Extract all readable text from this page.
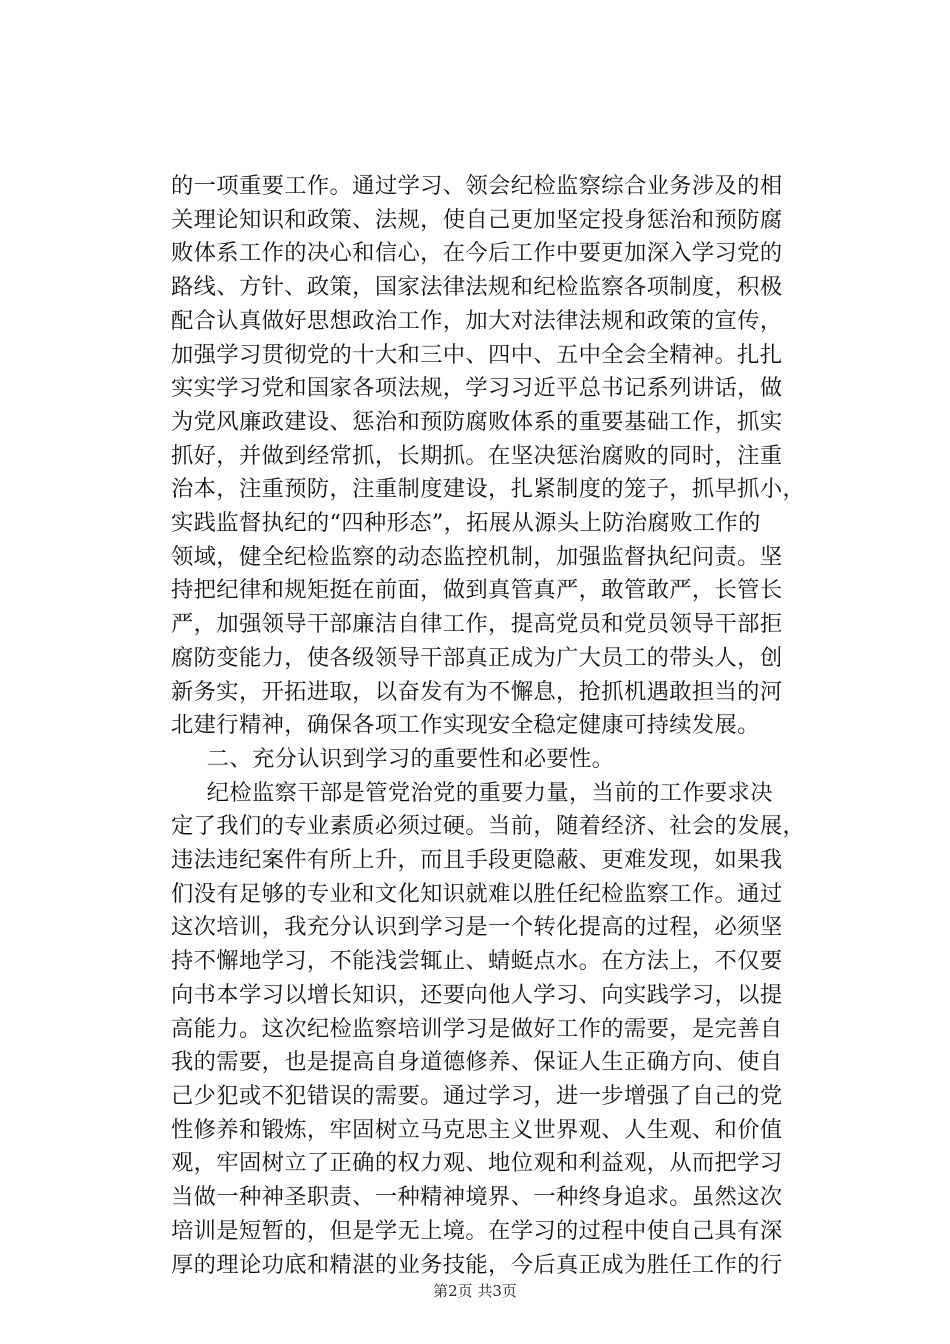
的一项重要工作。通过学习、领会纪检监察综合业务涉及的相
关理论知识和政策、法规，使自己更加坚定投身惩治和预防腐
败体系工作的决心和信心，在今后工作中要更加深入学习党的
路线、方针、政策，国家法律法规和纪检监察各项制度，积极
配合认真做好思想政治工作，加大对法律法规和政策的宣传，
加强学习贯彻党的十大和三中、四中、五中全会全精神。扎扎
实实学习党和国家各项法规，学习习近平总书记系列讲话，做
为党风廉政建设、惩治和预防腐败体系的重要基础工作，抓实
抓好，并做到经常抓，长期抓。在坚决惩治腐败的同时，注重
治本，注重预防，注重制度建设，扎紧制度的笼子，抓早抓小，
实践监督执纪的“四种形态”，拓展从源头上防治腐败工作的
领域，健全纪检监察的动态监控机制，加强监督执纪问责。坚
持把纪律和规矩挺在前面，做到真管真严，敢管敢严，长管长
严，加强领导干部廉洁自律工作，提高党员和党员领导干部拒
腐防变能力，使各级领导干部真正成为广大员工的带头人，创
新务实，开拓进取，以奋发有为不懈息，抢抓机遇敢担当的河
北建行精神，确保各项工作实现安全稳定健康可持续发展。
二、充分认识到学习的重要性和必要性。
纪检监察干部是管党治党的重要力量，当前的工作要求决
定了我们的专业素质必须过硬。当前，随着经济、社会的发展，
违法违纪案件有所上升，而且手段更隐蔽、更难发现，如果我
们没有足够的专业和文化知识就难以胜任纪检监察工作。通过
这次培训，我充分认识到学习是一个转化提高的过程，必须坚
持不懈地学习，不能浅尝辄止、蜻蜓点水。在方法上，不仅要
向书本学习以增长知识，还要向他人学习、向实践学习，以提
高能力。这次纪检监察培训学习是做好工作的需要，是完善自
我的需要，也是提高自身道德修养、保证人生正确方向、使自
己少犯或不犯错误的需要。通过学习，进一步增强了自己的党
性修养和锻炼，牢固树立马克思主义世界观、人生观、和价值
观，牢固树立了正确的权力观、地位观和利益观，从而把学习
当做一种神圣职责、一种精神境界、一种终身追求。虽然这次
培训是短暂的，但是学无上境。在学习的过程中使自己具有深
厚的理论功底和精湛的业务技能，今后真正成为胜任工作的行
第2页 共3页
